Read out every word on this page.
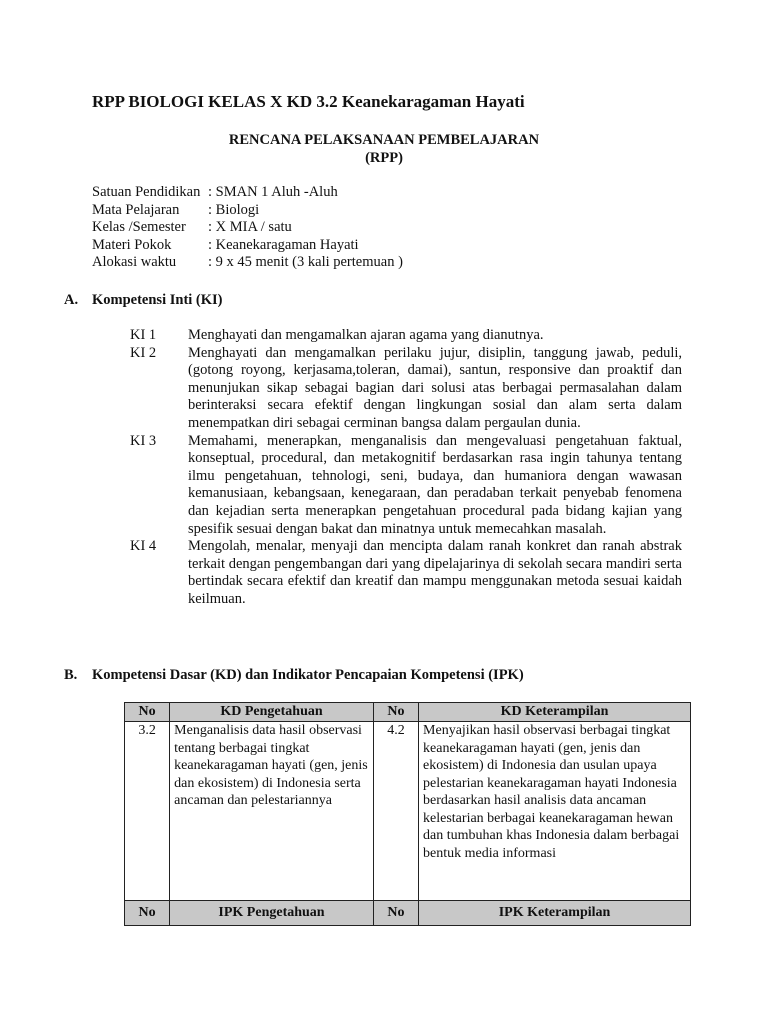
RPP BIOLOGI KELAS X KD 3.2 Keanekaragaman Hayati
RENCANA PELAKSANAAN PEMBELAJARAN
(RPP)
Satuan Pendidikan : SMAN 1 Aluh -Aluh
Mata Pelajaran	: Biologi
Kelas /Semester	: X MIA / satu
Materi Pokok	: Keanekaragaman Hayati
Alokasi waktu	: 9 x 45 menit (3 kali pertemuan )
A. Kompetensi Inti (KI)
KI 1	Menghayati dan mengamalkan ajaran agama yang dianutnya.
KI 2	Menghayati dan mengamalkan perilaku jujur, disiplin, tanggung jawab, peduli, (gotong royong, kerjasama,toleran, damai), santun, responsive dan proaktif dan menunjukan sikap sebagai bagian dari solusi atas berbagai permasalahan dalam berinteraksi secara efektif dengan lingkungan sosial dan alam serta dalam menempatkan diri sebagai cerminan bangsa dalam pergaulan dunia.
KI 3	Memahami, menerapkan, menganalisis dan mengevaluasi pengetahuan faktual, konseptual, procedural, dan metakognitif berdasarkan rasa ingin tahunya tentang ilmu pengetahuan, tehnologi, seni, budaya, dan humaniora dengan wawasan kemanusiaan, kebangsaan, kenegaraan, dan peradaban terkait penyebab fenomena dan kejadian serta menerapkan pengetahuan procedural pada bidang kajian yang spesifik sesuai dengan bakat dan minatnya untuk memecahkan masalah.
KI 4	Mengolah, menalar, menyaji dan mencipta dalam ranah konkret dan ranah abstrak terkait dengan pengembangan dari yang dipelajarinya di sekolah secara mandiri serta bertindak secara efektif dan kreatif dan mampu menggunakan metoda sesuai kaidah keilmuan.
B. Kompetensi Dasar (KD) dan Indikator Pencapaian Kompetensi (IPK)
No	KD Pengetahuan	No	KD Keterampilan
3.2	Menganalisis data hasil observasi tentang berbagai tingkat keanekaragaman hayati (gen, jenis dan ekosistem) di Indonesia serta ancaman dan pelestariannya	4.2	Menyajikan hasil observasi berbagai tingkat keanekaragaman hayati (gen, jenis dan ekosistem) di Indonesia dan usulan upaya pelestarian keanekaragaman hayati Indonesia berdasarkan hasil analisis data ancaman kelestarian berbagai keanekaragaman hewan dan tumbuhan khas Indonesia dalam berbagai bentuk media informasi
No	IPK Pengetahuan	No	IPK Keterampilan
